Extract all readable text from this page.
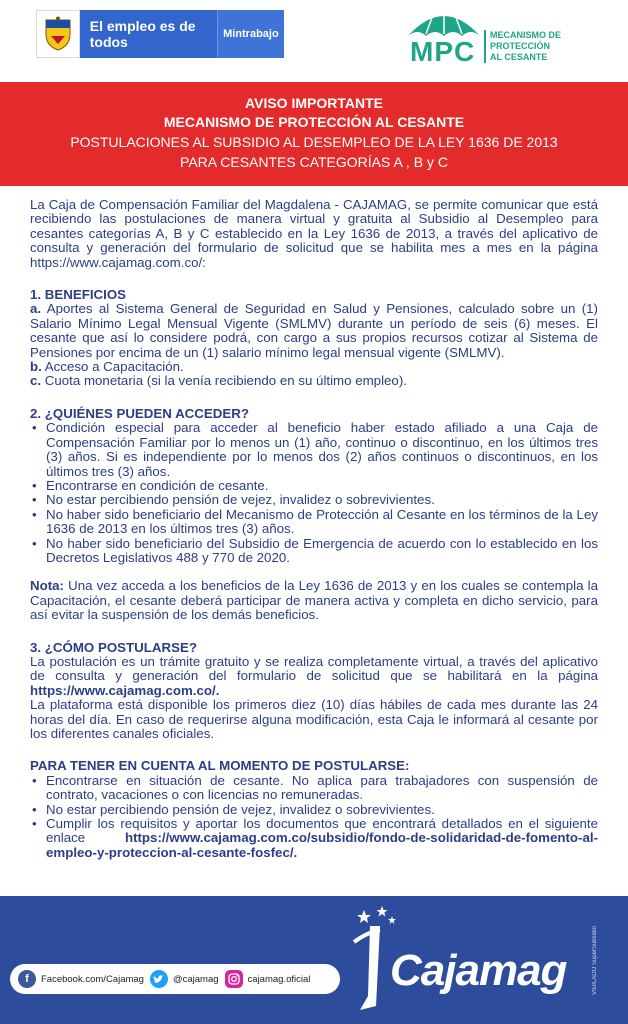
El empleo es de todos	Mintrabajo
MPC
MECANISMO DE
PROTECCIÓN
AL CESANTE
AVISO IMPORTANTE
MECANISMO DE PROTECCIÓN AL CESANTE
POSTULACIONES AL SUBSIDIO AL DESEMPLEO DE LA LEY 1636 DE 2013
PARA CESANTES CATEGORÍAS A , B y C

La Caja de Compensación Familiar del Magdalena - CAJAMAG, se permite comunicar que está recibiendo las postulaciones de manera virtual y gratuita al Subsidio al Desempleo para cesantes categorías A, B y C establecido en la Ley 1636 de 2013, a través del aplicativo de consulta y generación del formulario de solicitud que se habilita mes a mes en la página https://www.cajamag.com.co/:

1. BENEFICIOS

a. Aportes al Sistema General de Seguridad en Salud y Pensiones, calculado sobre un (1) Salario Mínimo Legal Mensual Vigente (SMLMV) durante un período de seis (6) meses. El cesante que así lo considere podrá, con cargo a sus propios recursos cotizar al Sistema de Pensiones por encima de un (1) salario mínimo legal mensual vigente (SMLMV).

b. Acceso a Capacitación.

c. Cuota monetaria (si la venía recibiendo en su último empleo).

2. ¿QUIÉNES PUEDEN ACCEDER?
• Condición especial para acceder al beneficio haber estado afiliado a una Caja de Compensación Familiar por lo menos un (1) año, continuo o discontinuo, en los últimos tres (3) años. Si es independiente por lo menos dos (2) años continuos o discontinuos, en los últimos tres (3) años.
• Encontrarse en condición de cesante.
• No estar percibiendo pensión de vejez, invalidez o sobrevivientes.
• No haber sido beneficiario del Mecanismo de Protección al Cesante en los términos de la Ley 1636 de 2013 en los últimos tres (3) años.
• No haber sido beneficiario del Subsidio de Emergencia de acuerdo con lo establecido en los Decretos Legislativos 488 y 770 de 2020.

Nota: Una vez acceda a los beneficios de la Ley 1636 de 2013 y en los cuales se contempla la Capacitación, el cesante deberá participar de manera activa y completa en dicho servicio, para así evitar la suspensión de los demás beneficios.

3. ¿CÓMO POSTULARSE?

La postulación es un trámite gratuito y se realiza completamente virtual, a través del aplicativo de consulta y generación del formulario de solicitud que se habilitará en la página https://www.cajamag.com.co/.

La plataforma está disponible los primeros diez (10) días hábiles de cada mes durante las 24 horas del día. En caso de requerirse alguna modificación, esta Caja le informará al cesante por los diferentes canales oficiales.

PARA TENER EN CUENTA AL MOMENTO DE POSTULARSE:
• Encontrarse en situación de cesante. No aplica para trabajadores con suspensión de contrato, vacaciones o con licencias no remuneradas.
• No estar percibiendo pensión de vejez, invalidez o sobrevivientes.
• Cumplir los requisitos y aportar los documentos que encontrará detallados en el siguiente enlace https://www.cajamag.com.co/subsidio/fondo-de-solidaridad-de-fomento-al-empleo-y-proteccion-al-cesante-fosfec/.
f	Facebook.com/Cajamag	@cajamag	cajamag.oficial Cajamag	VIGILADO SuperSubsidio
